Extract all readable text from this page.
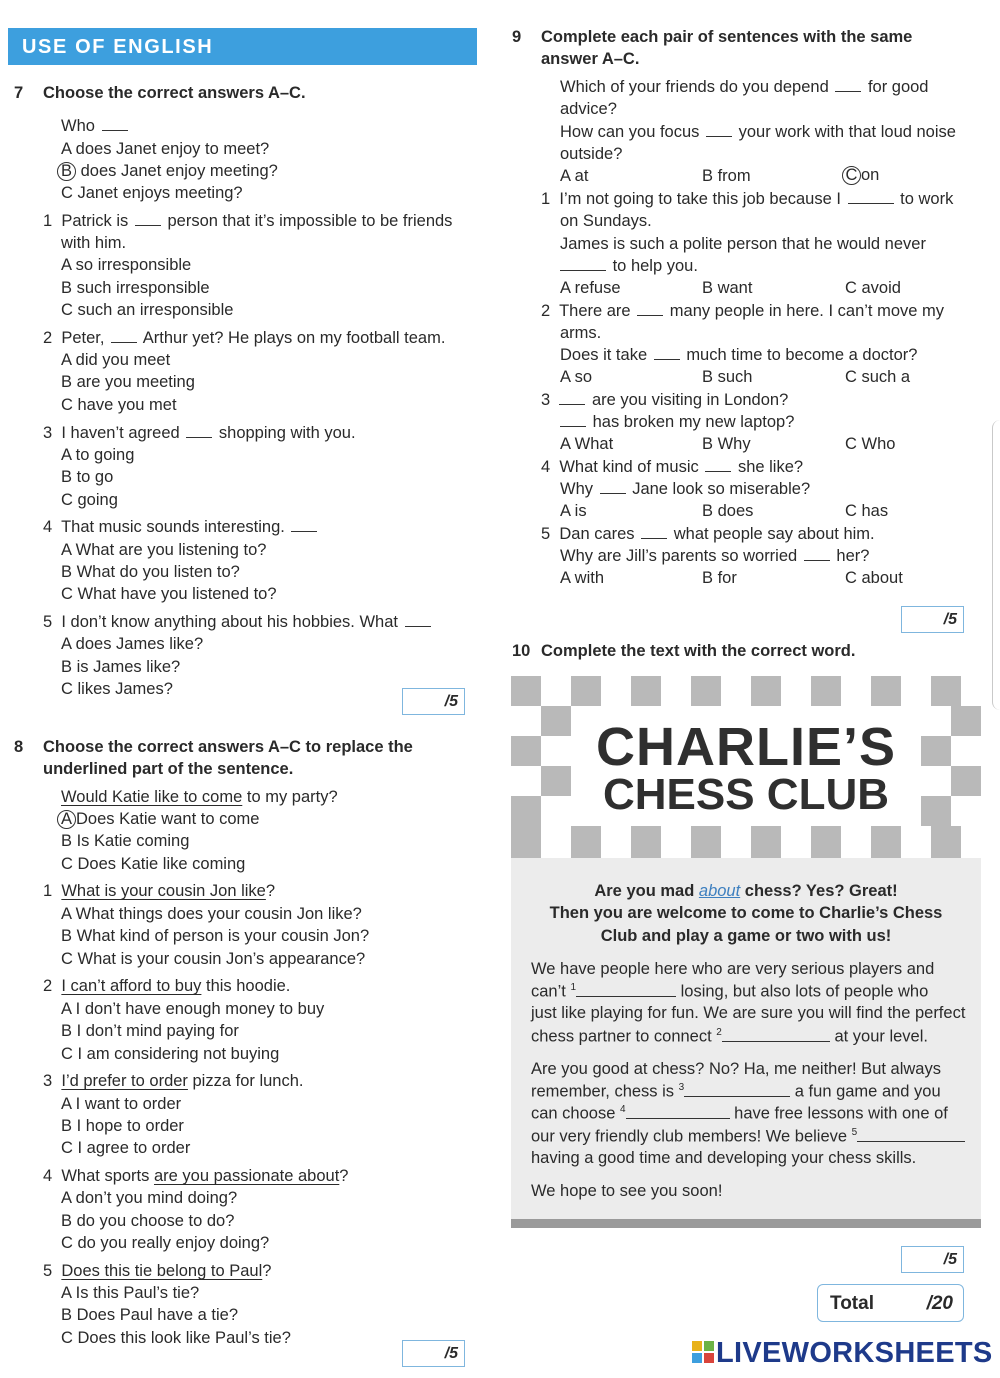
USE OF ENGLISH
7 Choose the correct answers A–C.
Who
A does Janet enjoy to meet?
B does Janet enjoy meeting?
C Janet enjoys meeting?
1 Patrick is person that it’s impossible to be friends
with him.
A so irresponsible
B such irresponsible
C such an irresponsible
2 Peter, Arthur yet? He plays on my football team.
A did you meet
B are you meeting
C have you met
3 I haven’t agreed shopping with you.
A to going
B to go
C going
4 That music sounds interesting.
A What are you listening to?
B What do you listen to?
C What have you listened to?
5 I don’t know anything about his hobbies. What
A does James like?
B is James like?
C likes James?
/5
8 Choose the correct answers A–C to replace the
underlined part of the sentence.
Would Katie like to come to my party?
A Does Katie want to come
B Is Katie coming
C Does Katie like coming
1 What is your cousin Jon like?
A What things does your cousin Jon like?
B What kind of person is your cousin Jon?
C What is your cousin Jon’s appearance?
2 I can’t afford to buy this hoodie.
A I don’t have enough money to buy
B I don’t mind paying for
C I am considering not buying
3 I’d prefer to order pizza for lunch.
A I want to order
B I hope to order
C I agree to order
4 What sports are you passionate about?
A don’t you mind doing?
B do you choose to do?
C do you really enjoy doing?
5 Does this tie belong to Paul?
A Is this Paul’s tie?
B Does Paul have a tie?
C Does this look like Paul’s tie?
/5
9 Complete each pair of sentences with the same
answer A–C.
Which of your friends do you depend for good
advice?
How can you focus your work with that loud noise
outside?
A at	B from	C on
1 I’m not going to take this job because I	to work
on Sundays.
James is such a polite person that he would never
to help you.
A refuse	B want	C avoid
2 There are many people in here. I can’t move my
arms.
Does it take much time to become a doctor?
A so	B such	C such a
3	are you visiting in London?
has broken my new laptop?
A What	B Why	C Who
4 What kind of music she like?
Why Jane look so miserable?
A is	B does	C has
5 Dan cares what people say about him.
Why are Jill’s parents so worried her?
A with	B for	C about
/5
10 Complete the text with the correct word.
CHARLIE’S
CHESS CLUB
Are you mad about chess? Yes? Great!
Then you are welcome to come to Charlie’s Chess
Club and play a game or two with us!
We have people here who are very serious players and
can’t $^1$	losing, but also lots of people who
just like playing for fun. We are sure you will find the perfect
chess partner to connect $^2$	at your level.
Are you good at chess? No? Ha, me neither! But always
remember, chess is $^3$	a fun game and you
can choose $^4$	have free lessons with one of
our very friendly club members! We believe $^5$
having a good time and developing your chess skills.
We hope to see you soon!
/5
Total	/20
LIVEWORKSHEETS
